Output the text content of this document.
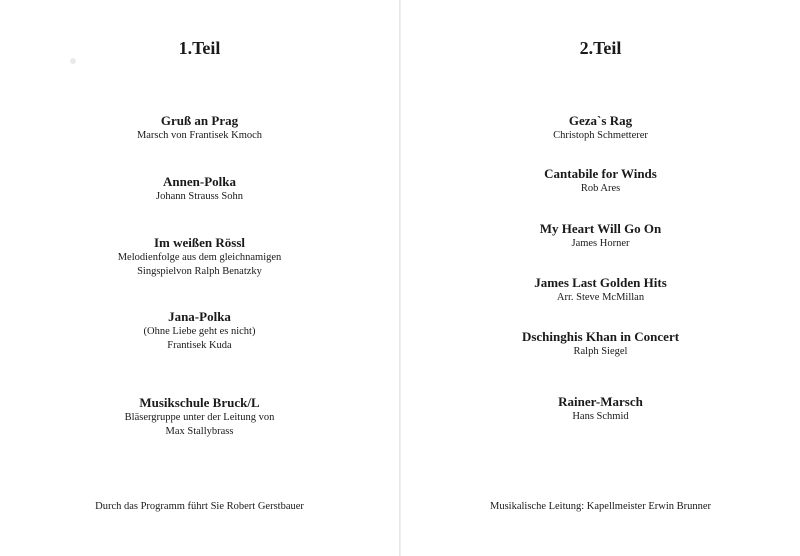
1.Teil
Gruß an Prag
Marsch von Frantisek Kmoch
Annen-Polka
Johann Strauss Sohn
Im weißen Rössl
Melodienfolge aus dem gleichnamigen
Singspielvon Ralph Benatzky
Jana-Polka
(Ohne Liebe geht es nicht)
Frantisek Kuda
Musikschule Bruck/L
Bläsergruppe unter der Leitung von
Max Stallybrass
Durch das Programm führt Sie Robert Gerstbauer
2.Teil
Geza`s Rag
Christoph Schmetterer
Cantabile for Winds
Rob Ares
My Heart Will Go On
James Horner
James Last Golden Hits
Arr. Steve McMillan
Dschinghis Khan in Concert
Ralph Siegel
Rainer-Marsch
Hans Schmid
Musikalische Leitung: Kapellmeister Erwin Brunner
